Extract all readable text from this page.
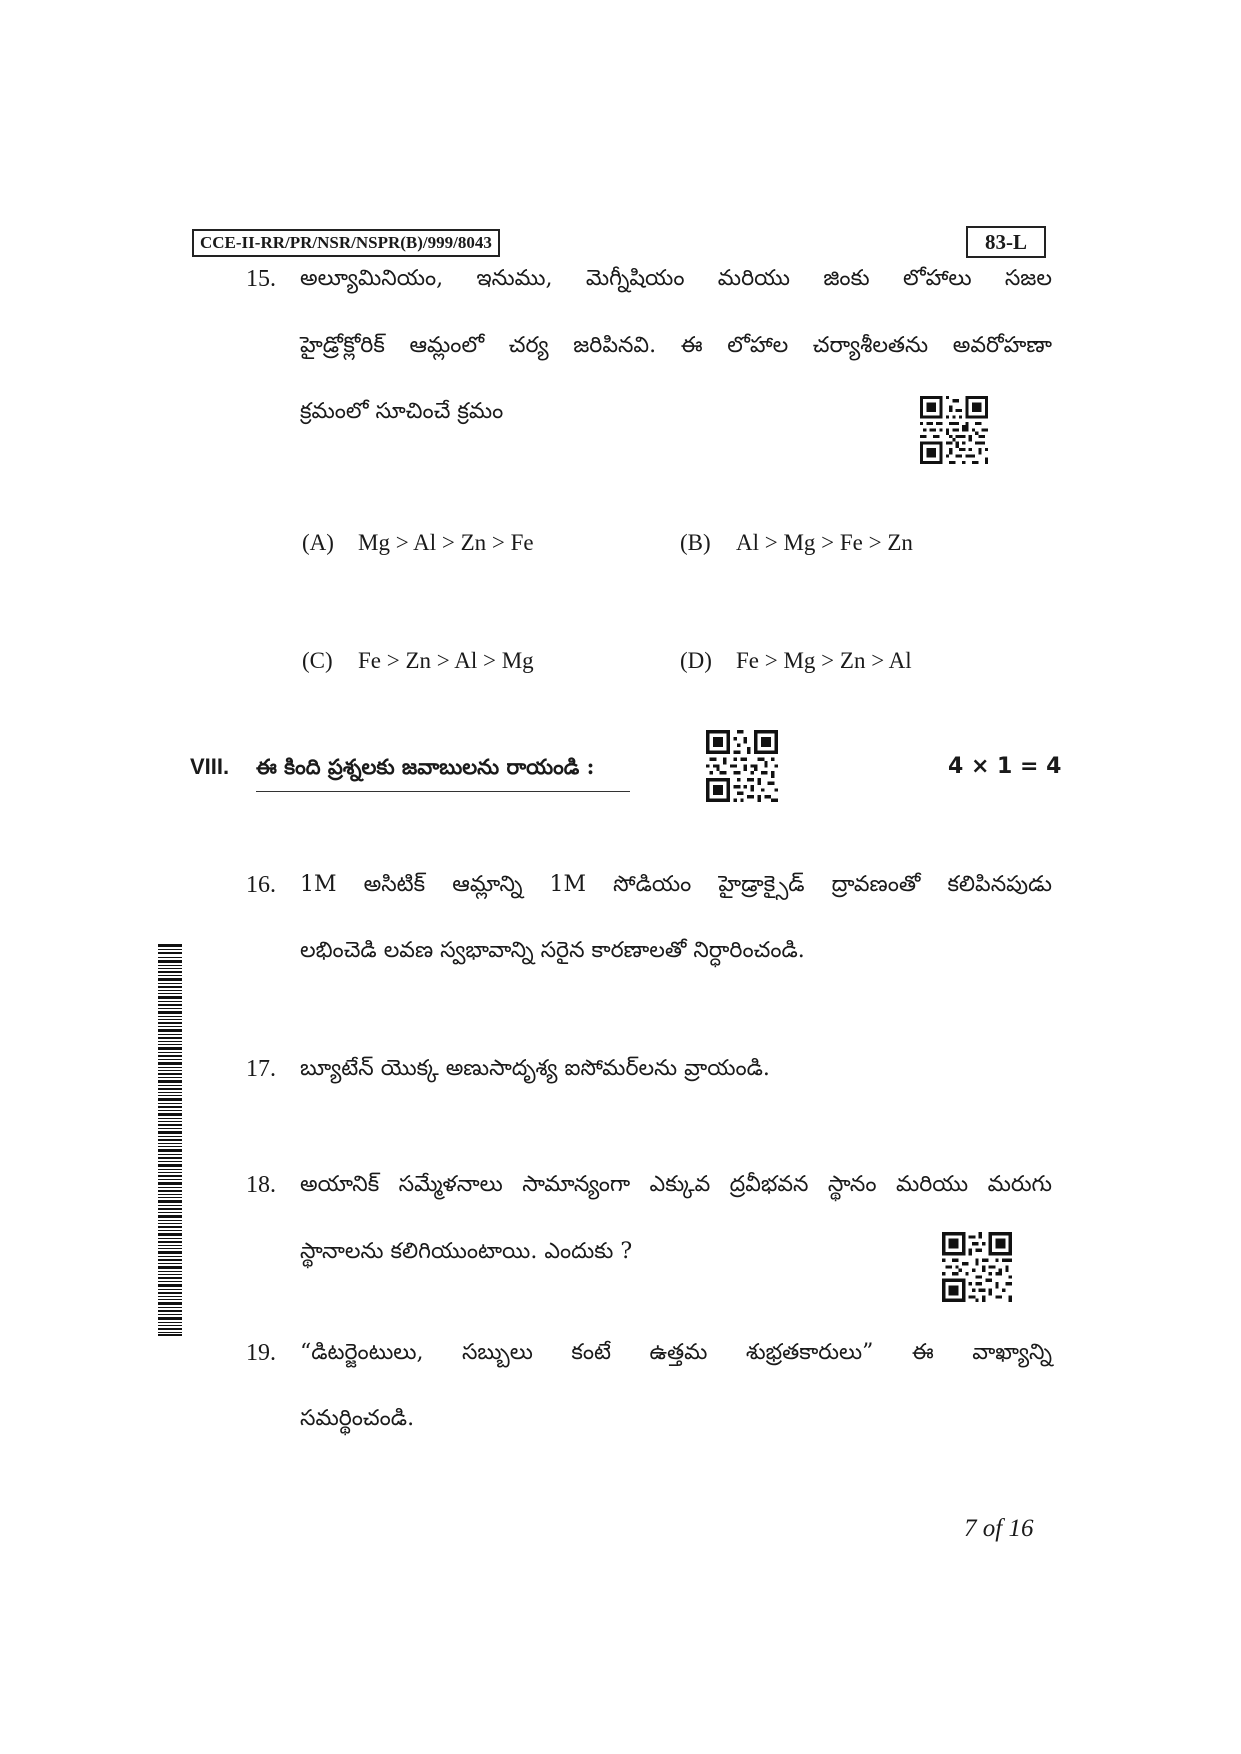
CCE-II-RR/PR/NSR/NSPR(B)/999/8043	83-L
15. అల్యూమినియం, ఇనుము, మెగ్నీషియం మరియు జింకు లోహాలు సజల
హైడ్రోక్లోరిక్ ఆమ్లంలో చర్య జరిపినవి. ఈ లోహాల చర్యాశీలతను అవరోహణా
క్రమంలో సూచించే క్రమం
(A) Mg > Al > Zn > Fe	(B) Al > Mg > Fe > Zn
(C) Fe > Zn > Al > Mg	(D) Fe > Mg > Zn > Al
VIII. ఈ కింది ప్రశ్నలకు జవాబులను రాయండి :	4 × 1 = 4
16. 1M అసిటిక్ ఆమ్లాన్ని 1M సోడియం హైడ్రాక్సైడ్ ద్రావణంతో కలిపినపుడు
లభించెడి లవణ స్వభావాన్ని సరైన కారణాలతో నిర్ధారించండి.
17. బ్యూటేన్ యొక్క అణుసాదృశ్య ఐసోమర్‌లను వ్రాయండి.
18. అయానిక్ సమ్మేళనాలు సామాన్యంగా ఎక్కువ ద్రవీభవన స్థానం మరియు మరుగు
స్థానాలను కలిగియుంటాయి. ఎందుకు ?
19. “డిటర్జెంటులు, సబ్బులు కంటే ఉత్తమ శుభ్రతకారులు” ఈ వాఖ్యాన్ని
సమర్థించండి.
7 of 16
